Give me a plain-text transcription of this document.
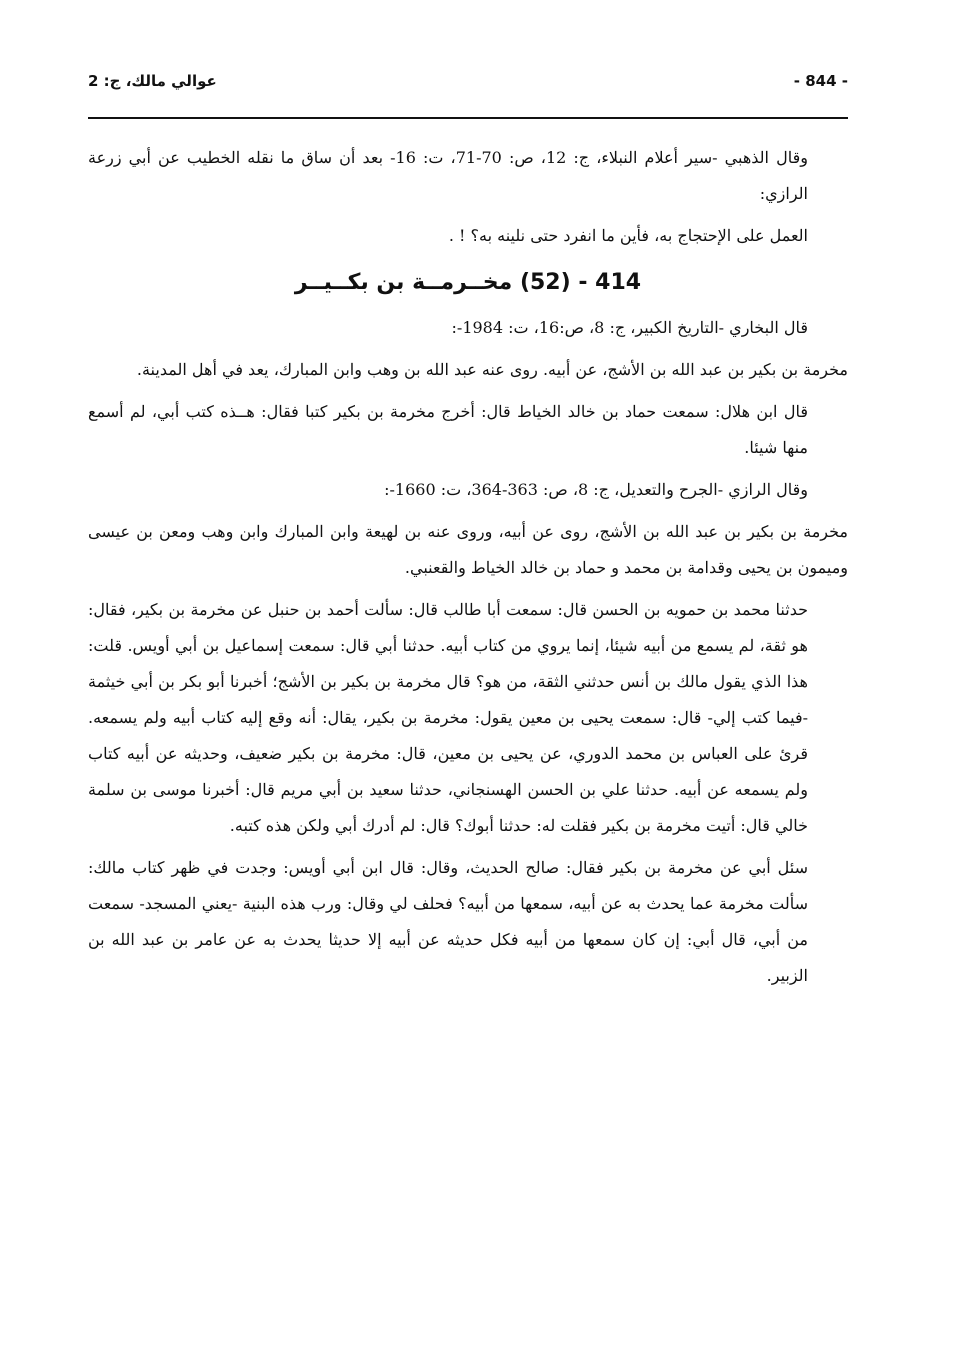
عوالي مالك، ج: 2	- 844 -

وقال الذهبي -سير أعلام النبلاء، ج: 12، ص: 70-71، ت: 16- بعد أن ساق ما نقله الخطيب عن أبي زرعة الرازي:

العمل على الإحتجاج به، فأين ما انفرد حتى نلينه به؟ ! .

414 - (52) مخــرمــة بن بكــيــر

قال البخاري -التاريخ الكبير، ج: 8، ص:16، ت: 1984-:

مخرمة بن بكير بن عبد الله بن الأشج، عن أبيه. روى عنه عبد الله بن وهب وابن المبارك، يعد في أهل المدينة.

قال ابن هلال: سمعت حماد بن خالد الخياط قال: أخرج مخرمة بن بكير كتبا فقال: هــذه كتب أبي، لم أسمع منها شيئا.

وقال الرازي -الجرح والتعديل، ج: 8، ص: 363-364، ت: 1660-:

مخرمة بن بكير بن عبد الله بن الأشج، روى عن أبيه، وروى عنه بن لهيعة وابن المبارك وابن وهب ومعن بن عيسى وميمون بن يحيى وقدامة بن محمد و حماد بن خالد الخياط والقعنبي.

حدثنا محمد بن حمويه بن الحسن قال: سمعت أبا طالب قال: سألت أحمد بن حنبل عن مخرمة بن بكير، فقال: هو ثقة، لم يسمع من أبيه شيئا، إنما يروي من كتاب أبيه. حدثنا أبي قال: سمعت إسماعيل بن أبي أويس. قلت: هذا الذي يقول مالك بن أنس حدثني الثقة، من هو؟ قال مخرمة بن بكير بن الأشج؛ أخبرنا أبو بكر بن أبي خيثمة -فيما كتب إلي- قال: سمعت يحيى بن معين يقول: مخرمة بن بكير، يقال: أنه وقع إليه كتاب أبيه ولم يسمعه. قرئ على العباس بن محمد الدوري، عن يحيى بن معين، قال: مخرمة بن بكير ضعيف، وحديثه عن أبيه كتاب ولم يسمعه عن أبيه. حدثنا علي بن الحسن الهسنجاني، حدثنا سعيد بن أبي مريم قال: أخبرنا موسى بن سلمة خالي قال: أتيت مخرمة بن بكير فقلت له: حدثنا أبوك؟ قال: لم أدرك أبي ولكن هذه كتبه.

سئل أبي عن مخرمة بن بكير فقال: صالح الحديث، وقال: قال ابن أبي أويس: وجدت في ظهر كتاب مالك: سألت مخرمة عما يحدث به عن أبيه، سمعها من أبيه؟ فحلف لي وقال: ورب هذه البنية -يعني المسجد- سمعت من أبي، قال أبي: إن كان سمعها من أبيه فكل حديثه عن أبيه إلا حديثا يحدث به عن عامر بن عبد الله بن الزبير.
